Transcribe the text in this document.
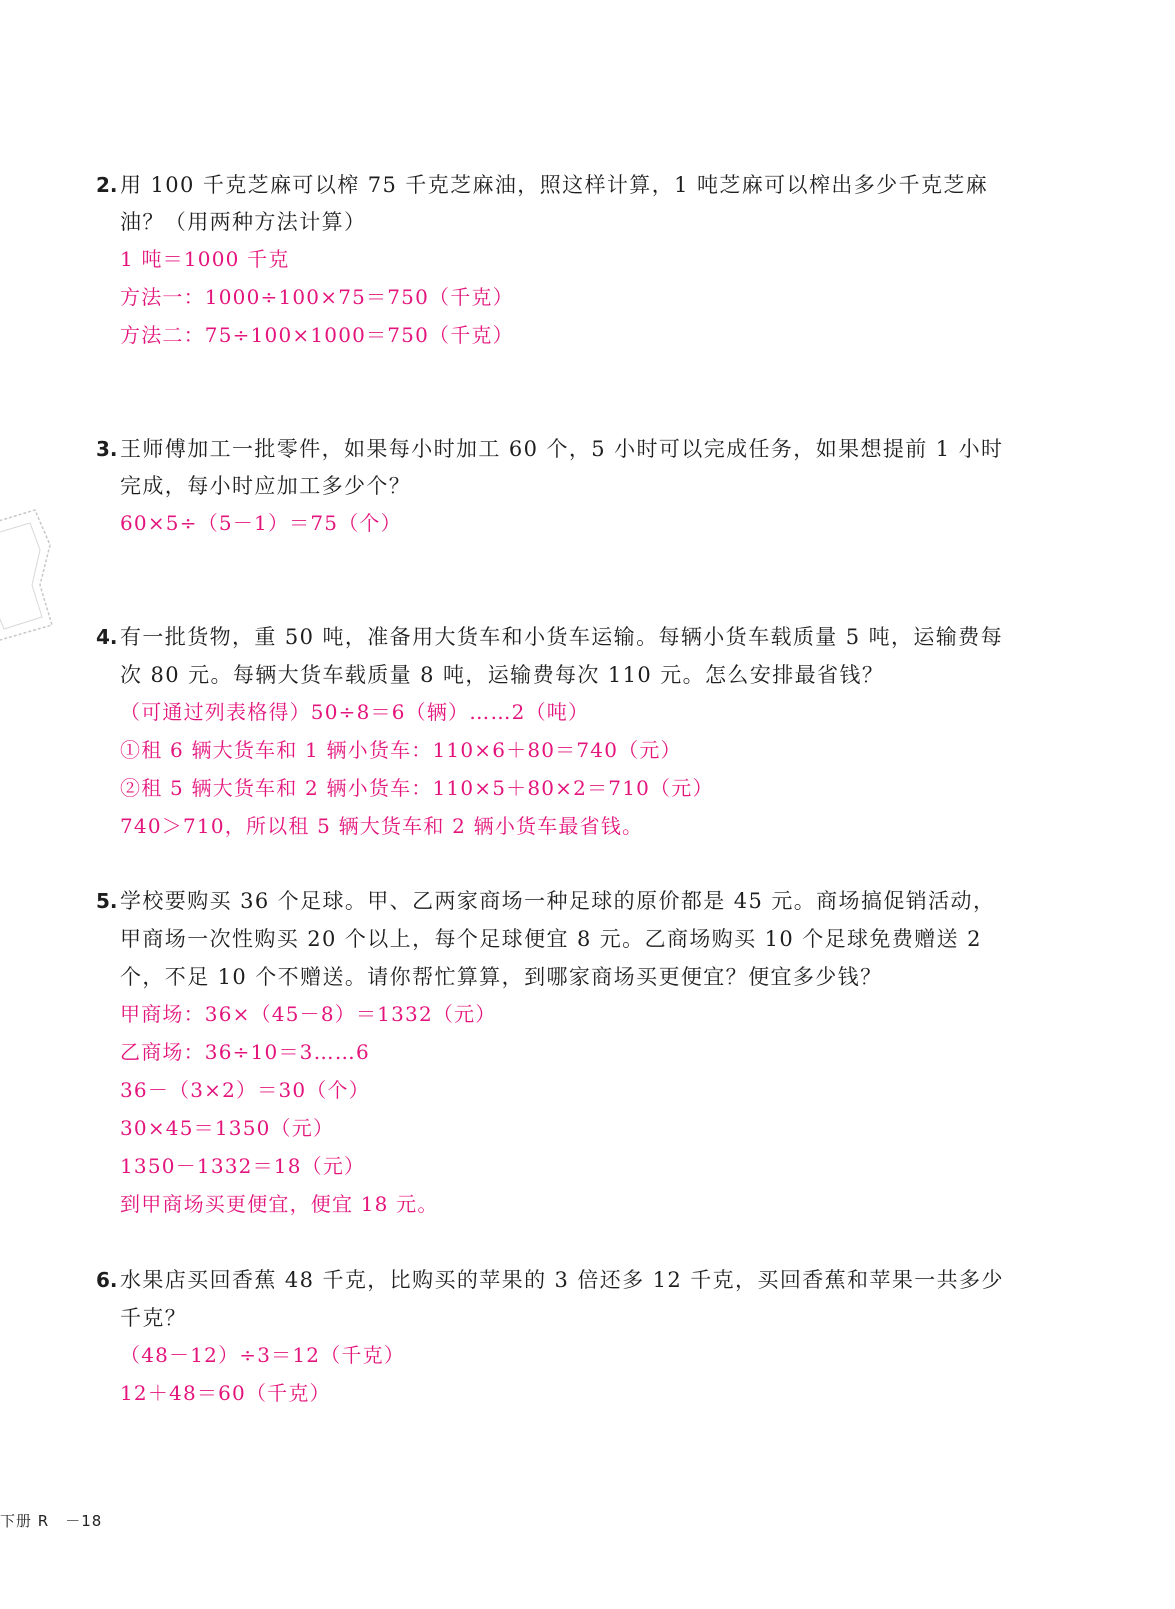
2. 用 100 千克芝麻可以榨 75 千克芝麻油，照这样计算，1 吨芝麻可以榨出多少千克芝麻
油？（用两种方法计算）
1 吨＝1000 千克
方法一：1000÷100×75＝750（千克）
方法二：75÷100×1000＝750（千克）
3. 王师傅加工一批零件，如果每小时加工 60 个，5 小时可以完成任务，如果想提前 1 小时
完成，每小时应加工多少个？
60×5÷（5－1）＝75（个）
4. 有一批货物，重 50 吨，准备用大货车和小货车运输。每辆小货车载质量 5 吨，运输费每
次 80 元。每辆大货车载质量 8 吨，运输费每次 110 元。怎么安排最省钱？
（可通过列表格得）50÷8＝6（辆）……2（吨）
①租 6 辆大货车和 1 辆小货车：110×6＋80＝740（元）
②租 5 辆大货车和 2 辆小货车：110×5＋80×2＝710（元）
740＞710，所以租 5 辆大货车和 2 辆小货车最省钱。
5. 学校要购买 36 个足球。甲、乙两家商场一种足球的原价都是 45 元。商场搞促销活动，
甲商场一次性购买 20 个以上，每个足球便宜 8 元。乙商场购买 10 个足球免费赠送 2
个，不足 10 个不赠送。请你帮忙算算，到哪家商场买更便宜？便宜多少钱？
甲商场：36×（45－8）＝1332（元）
乙商场：36÷10＝3……6
36－（3×2）＝30（个）
30×45＝1350（元）
1350－1332＝18（元）
到甲商场买更便宜，便宜 18 元。
6. 水果店买回香蕉 48 千克，比购买的苹果的 3 倍还多 12 千克，买回香蕉和苹果一共多少
千克？
（48－12）÷3＝12（千克）
12＋48＝60（千克）
下册 R　－18
